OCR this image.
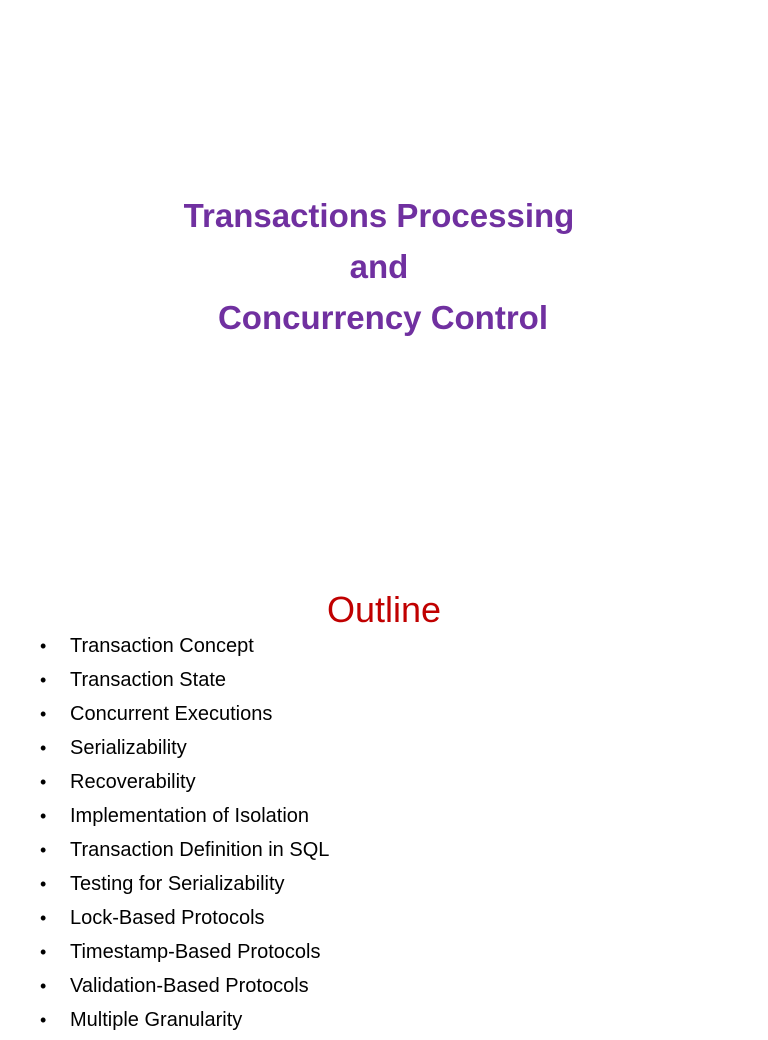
Transactions Processing
and
Concurrency Control
Outline
• Transaction Concept
• Transaction State
• Concurrent Executions
• Serializability
• Recoverability
• Implementation of Isolation
• Transaction Definition in SQL
• Testing for Serializability
• Lock-Based Protocols
• Timestamp-Based Protocols
• Validation-Based Protocols
• Multiple Granularity
